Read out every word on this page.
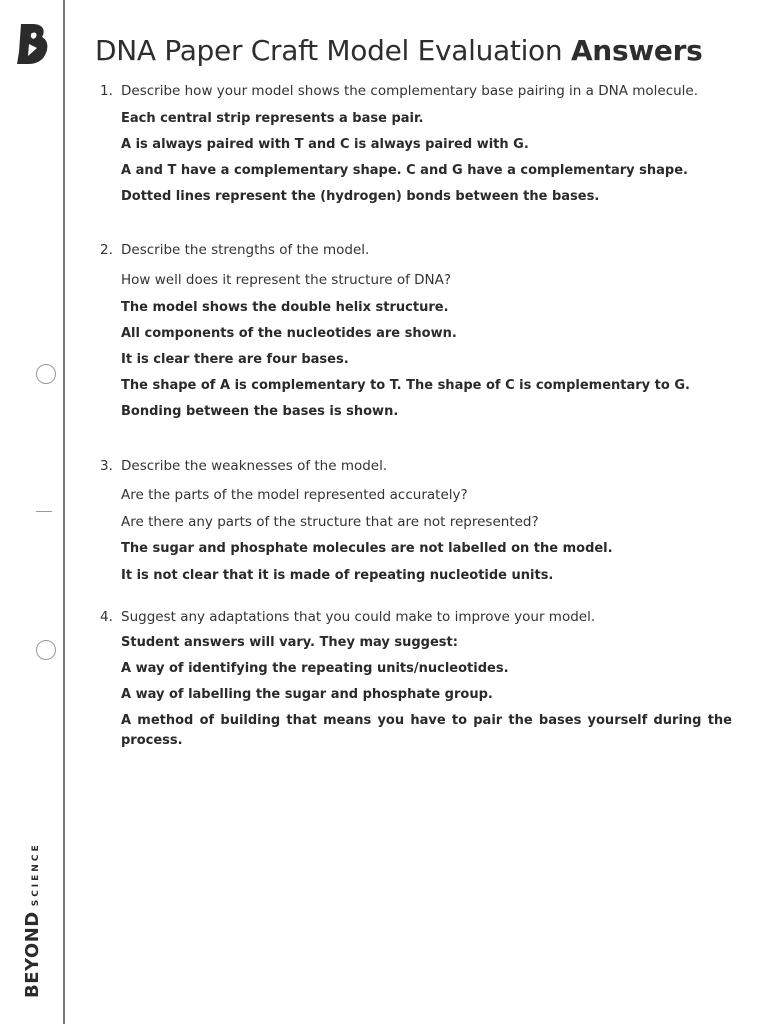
BEYOND
SCIENCE
DNA Paper Craft Model Evaluation Answers
1. Describe how your model shows the complementary base pairing in a DNA molecule.

Each central strip represents a base pair.

A is always paired with T and C is always paired with G.

A and T have a complementary shape. C and G have a complementary shape.

Dotted lines represent the (hydrogen) bonds between the bases.

2. Describe the strengths of the model.

How well does it represent the structure of DNA?

The model shows the double helix structure.

All components of the nucleotides are shown.

It is clear there are four bases.

The shape of A is complementary to T. The shape of C is complementary to G.

Bonding between the bases is shown.

3. Describe the weaknesses of the model.

Are the parts of the model represented accurately?

Are there any parts of the structure that are not represented?

The sugar and phosphate molecules are not labelled on the model.

It is not clear that it is made of repeating nucleotide units.

4. Suggest any adaptations that you could make to improve your model.

Student answers will vary. They may suggest:

A way of identifying the repeating units/nucleotides.

A way of labelling the sugar and phosphate group.

A method of building that means you have to pair the bases yourself during the process.
